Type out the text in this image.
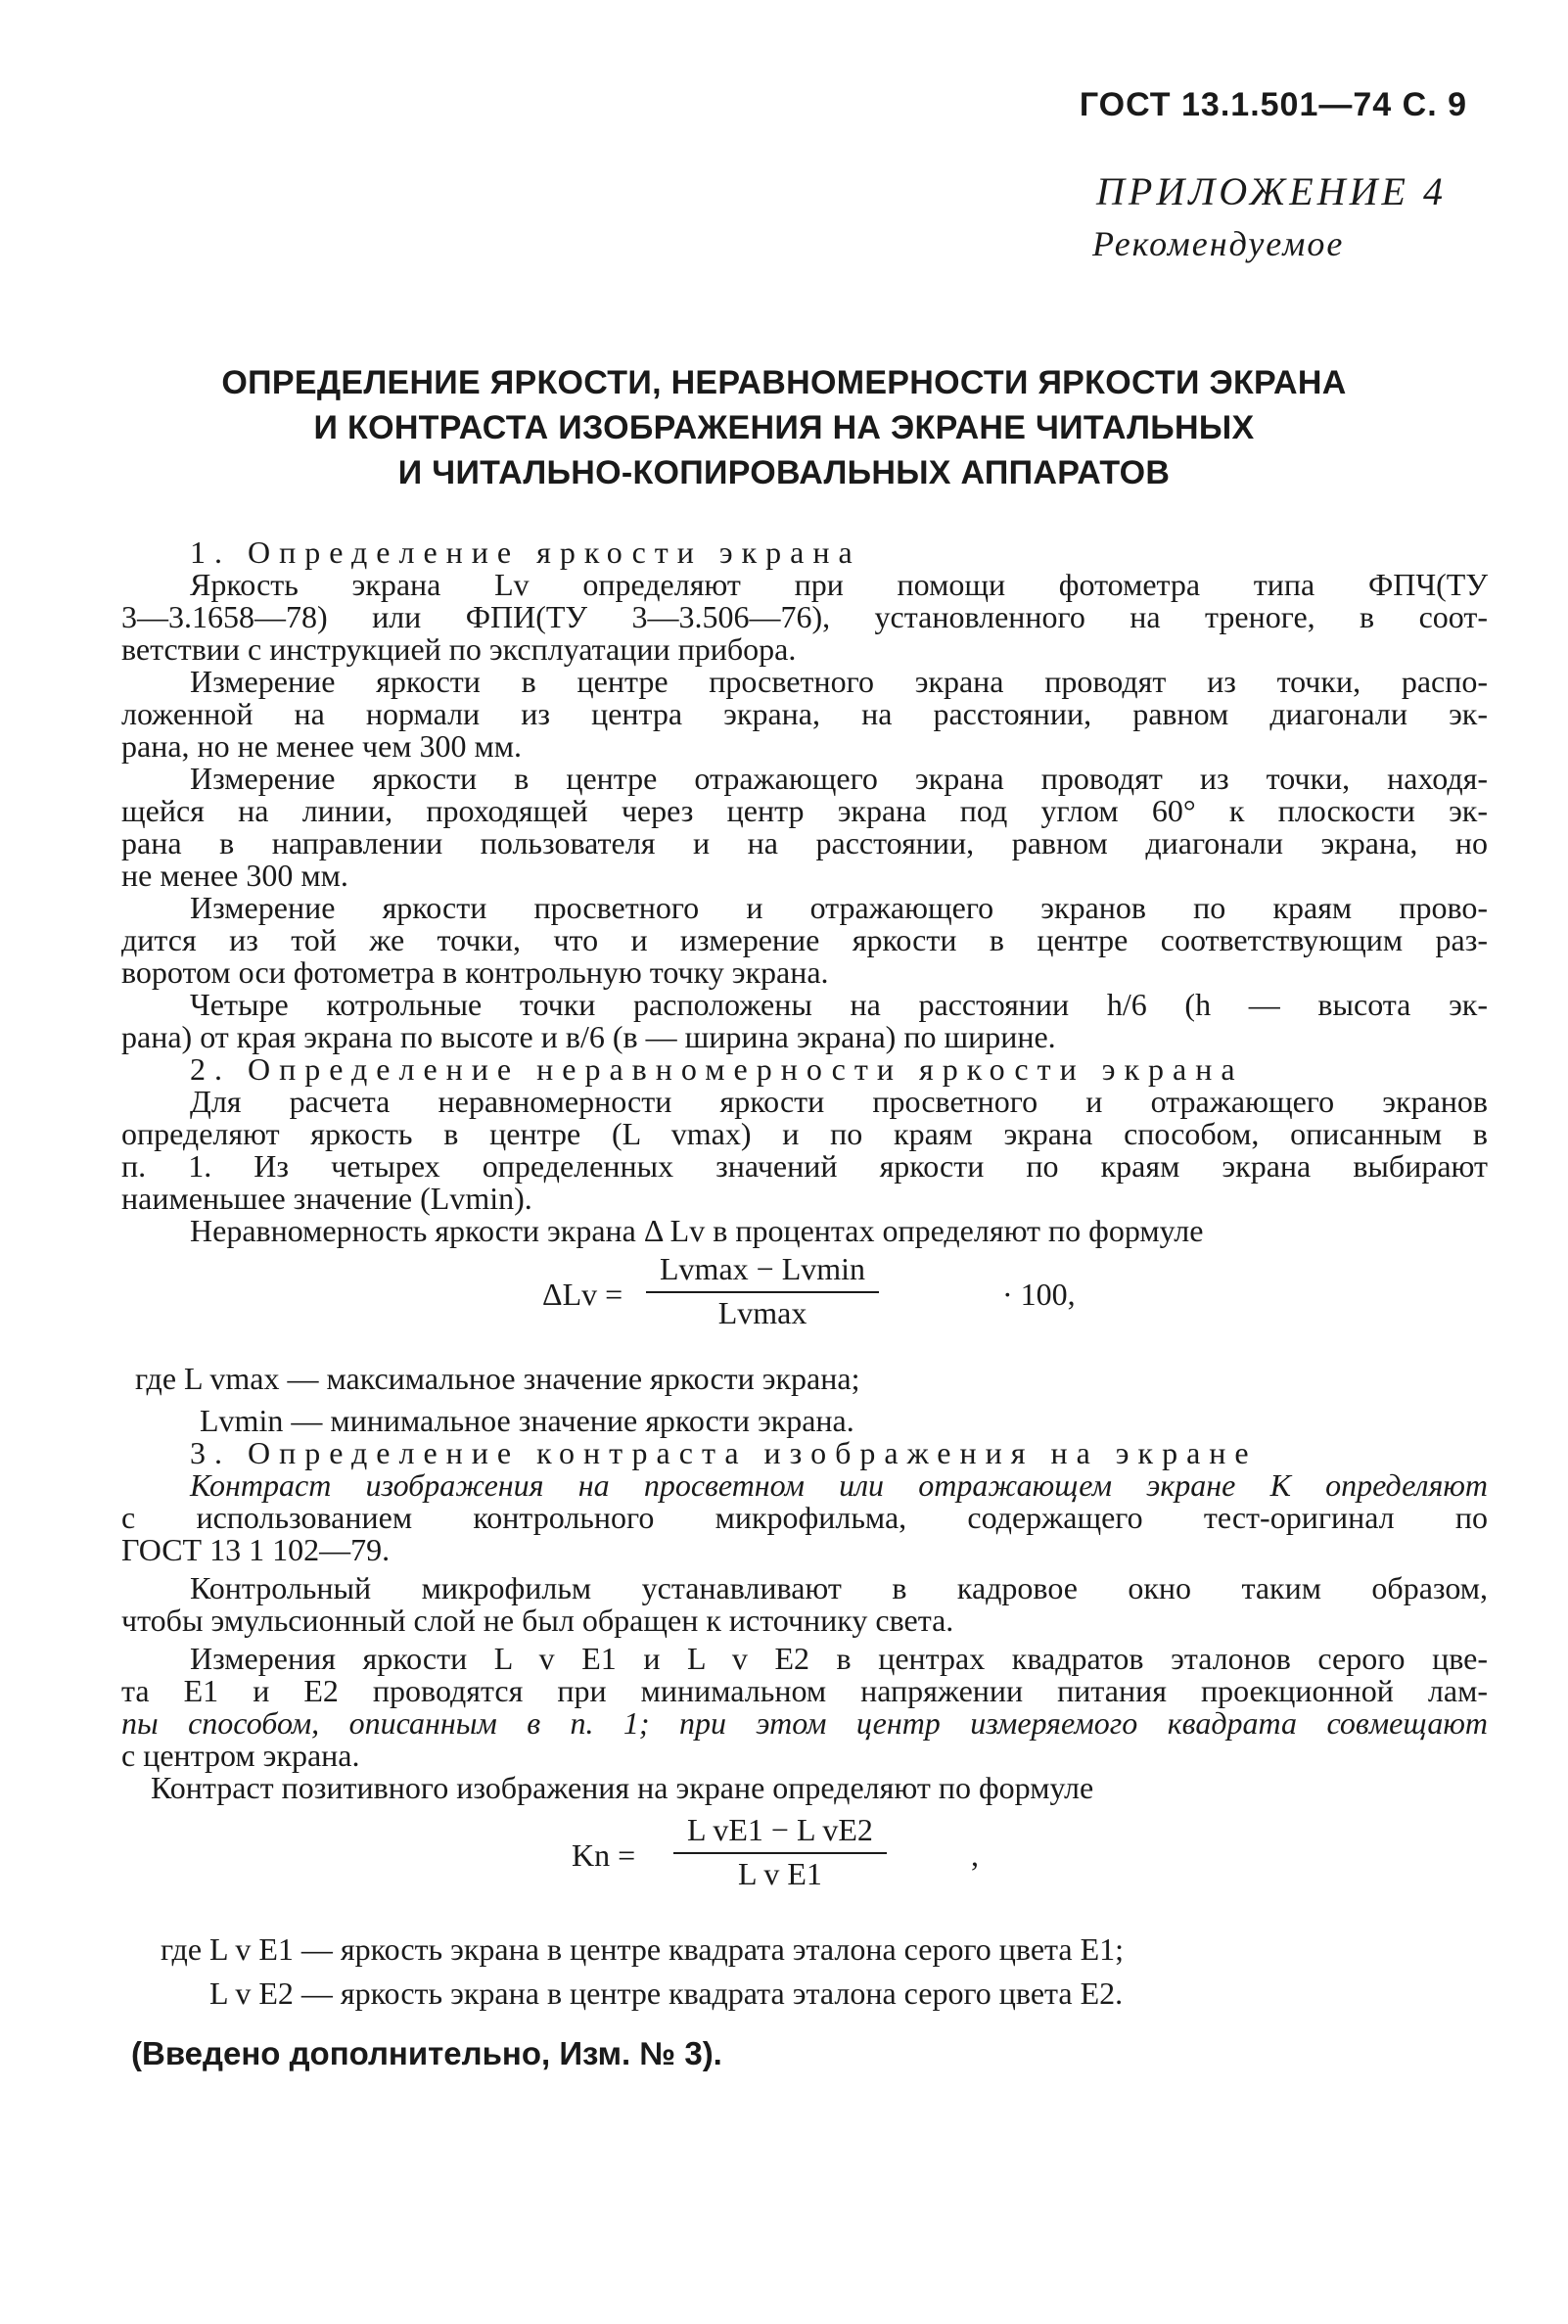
ГОСТ 13.1.501—74 С. 9
ПРИЛОЖЕНИЕ 4
Рекомендуемое
ОПРЕДЕЛЕНИЕ ЯРКОСТИ, НЕРАВНОМЕРНОСТИ ЯРКОСТИ ЭКРАНА
И КОНТРАСТА ИЗОБРАЖЕНИЯ НА ЭКРАНЕ ЧИТАЛЬНЫХ
И ЧИТАЛЬНО-КОПИРОВАЛЬНЫХ АППАРАТОВ
1. Определение яркости экрана
Яркость экрана Lv определяют при помощи фотометра типа ФПЧ(ТУ
3—3.1658—78) или ФПИ(ТУ 3—3.506—76), установленного на треноге, в соот-
ветствии с инструкцией по эксплуатации прибора.
Измерение яркости в центре просветного экрана проводят из точки, распо-
ложенной на нормали из центра экрана, на расстоянии, равном диагонали эк-
рана, но не менее чем 300 мм.
Измерение яркости в центре отражающего экрана проводят из точки, находя-
щейся на линии, проходящей через центр экрана под углом 60° к плоскости эк-
рана в направлении пользователя и на расстоянии, равном диагонали экрана, но
не менее 300 мм.
Измерение яркости просветного и отражающего экранов по краям прово-
дится из той же точки, что и измерение яркости в центре соответствующим раз-
воротом оси фотометра в контрольную точку экрана.
Четыре котрольные точки расположены на расстоянии h/6 (h — высота эк-
рана) от края экрана по высоте и в/6 (в — ширина экрана) по ширине.
2. Определение неравномерности яркости экрана
Для расчета неравномерности яркости просветного и отражающего экранов
определяют яркость в центре (L vmax) и по краям экрана способом, описанным в
п. 1. Из четырех определенных значений яркости по краям экрана выбирают
наименьшее значение (Lvmin).
Неравномерность яркости экрана Δ Lv в процентах определяют по формуле
ΔLv =
Lvmax − Lvmin
Lvmax
· 100,
где L vmax — максимальное значение яркости экрана;
Lvmin — минимальное значение яркости экрана.
3. Определение контраста изображения на экране
Контраст изображения на просветном или отражающем экране K определяют
с использованием контрольного микрофильма, содержащего тест-оригинал по
ГОСТ 13 1 102—79.
Контрольный микрофильм устанавливают в кадровое окно таким образом,
чтобы эмульсионный слой не был обращен к источнику света.
Измерения яркости L v E1 и L v E2 в центрах квадратов эталонов серого цве-
та E1 и E2 проводятся при минимальном напряжении питания проекционной лам-
пы способом, описанным в п. 1; при этом центр измеряемого квадрата совмещают
с центром экрана.
Контраст позитивного изображения на экране определяют по формуле
$Kn = \frac{\text{L vE1 − L vE2}}{\text{L v E1}}$	,
где L v E1 — яркость экрана в центре квадрата эталона серого цвета E1;
L v E2 — яркость экрана в центре квадрата эталона серого цвета E2.
(Введено дополнительно, Изм. № 3).
